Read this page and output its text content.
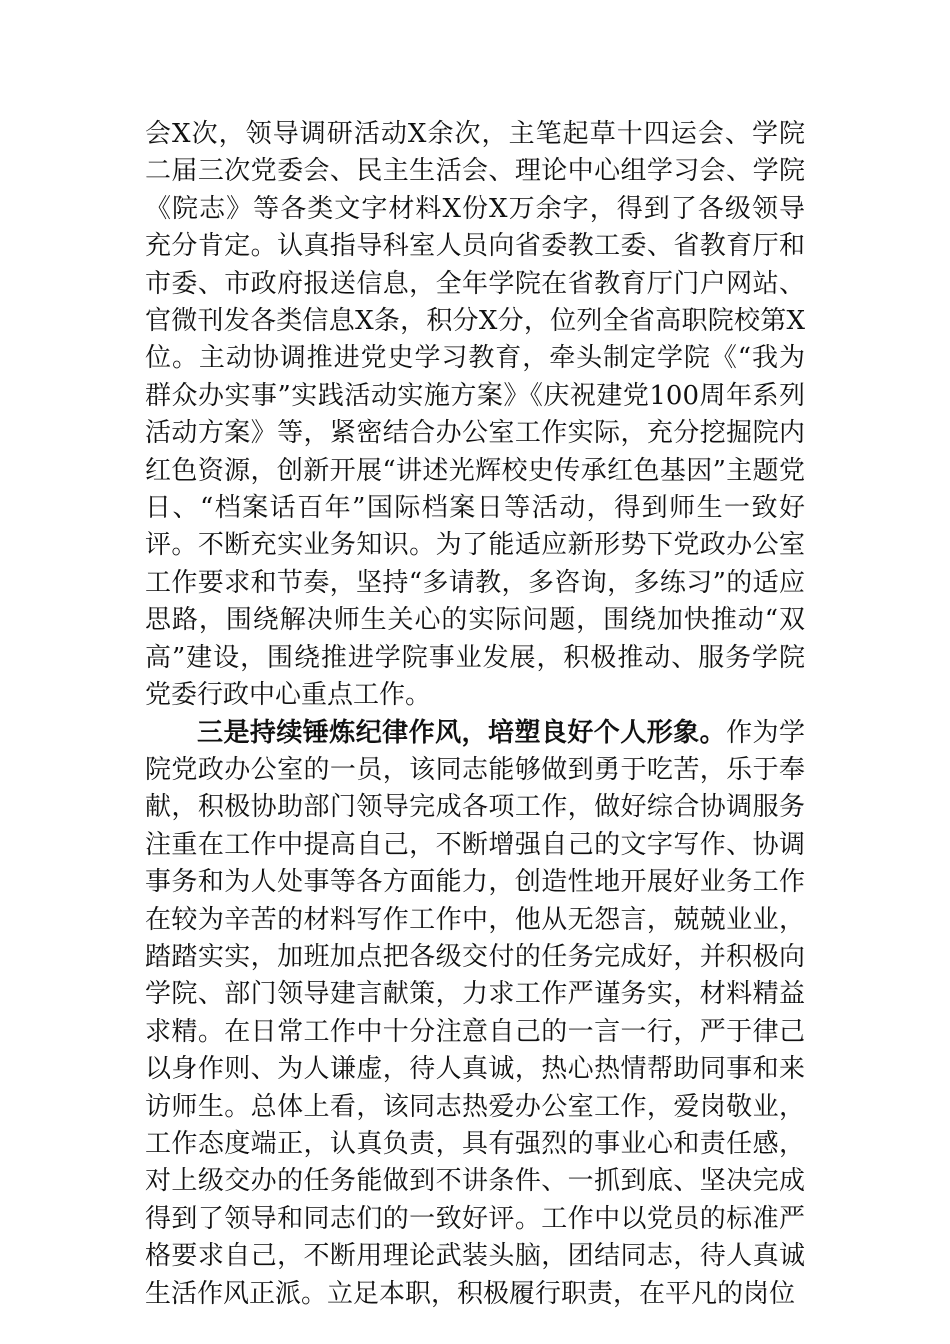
会X次，领导调研活动X余次，主笔起草十四运会、学院二届三次党委会、民主生活会、理论中心组学习会、学院《院志》等各类文字材料X份X万余字，得到了各级领导充分肯定。认真指导科室人员向省委教工委、省教育厅和市委、市政府报送信息，全年学院在省教育厅门户网站、官微刊发各类信息X条，积分X分，位列全省高职院校第X位。主动协调推进党史学习教育，牵头制定学院《“我为群众办实事”实践活动实施方案》《庆祝建党100周年系列活动方案》等，紧密结合办公室工作实际，充分挖掘院内红色资源，创新开展“讲述光辉校史传承红色基因”主题党日、“档案话百年”国际档案日等活动，得到师生一致好评。不断充实业务知识。为了能适应新形势下党政办公室工作要求和节奏，坚持“多请教，多咨询，多练习”的适应思路，围绕解决师生关心的实际问题，围绕加快推动“双高”建设，围绕推进学院事业发展，积极推动、服务学院党委行政中心重点工作。

三是持续锤炼纪律作风，培塑良好个人形象。作为学院党政办公室的一员，该同志能够做到勇于吃苦，乐于奉献，积极协助部门领导完成各项工作，做好综合协调服务注重在工作中提高自己，不断增强自己的文字写作、协调事务和为人处事等各方面能力，创造性地开展好业务工作在较为辛苦的材料写作工作中，他从无怨言，兢兢业业，踏踏实实，加班加点把各级交付的任务完成好，并积极向学院、部门领导建言献策，力求工作严谨务实，材料精益求精。在日常工作中十分注意自己的一言一行，严于律己以身作则、为人谦虚，待人真诚，热心热情帮助同事和来访师生。总体上看，该同志热爱办公室工作，爱岗敬业，工作态度端正，认真负责，具有强烈的事业心和责任感，对上级交办的任务能做到不讲条件、一抓到底、坚决完成得到了领导和同志们的一致好评。工作中以党员的标准严格要求自己，不断用理论武装头脑，团结同志，待人真诚生活作风正派。立足本职，积极履行职责，在平凡的岗位
